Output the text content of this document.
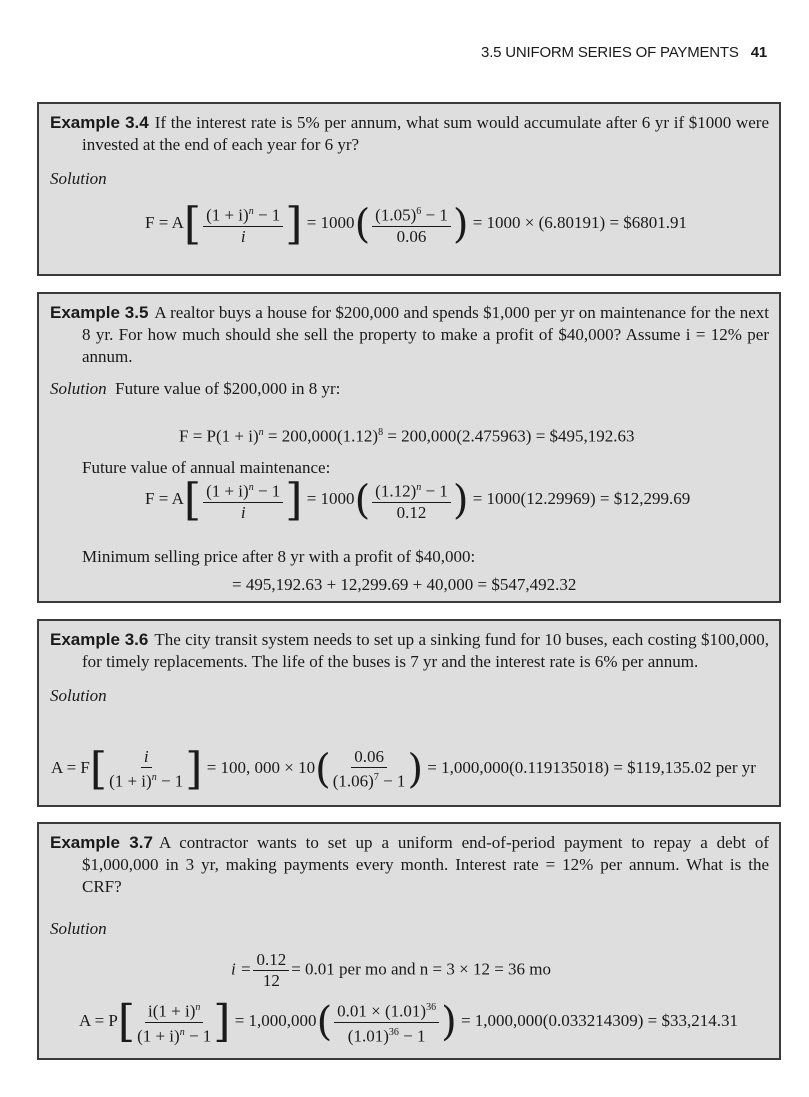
3.5 UNIFORM SERIES OF PAYMENTS 41
Example 3.4 If the interest rate is 5% per annum, what sum would accumulate after 6 yr if $1000 were invested at the end of each year for 6 yr?
Solution
$F = A[ \frac{(1 + i)^n - 1}{i}$ ] = $1000( \frac{(1.05)^6 - 1}{0.06}$ ) = 1000 × (6.80191) = $6801.91
Example 3.5 A realtor buys a house for $200,000 and spends $1,000 per yr on maintenance for the next 8 yr. For how much should she sell the property to make a profit of $40,000? Assume i = 12% per annum.
Solution Future value of $200,000 in 8 yr:
$F = P(1 + i)^n = 200,000(1.12)^8 = 200,000(2.475963)$ = $495,192.63
Future value of annual maintenance:
$F = A[ \frac{(1 + i)^n - 1}{i}$ ] = $1000( \frac{(1.12)^n - 1}{0.12}$ ) = 1000(12.29969) = $12,299.69
Minimum selling price after 8 yr with a profit of $40,000:
= 495,192.63 + 12,299.69 + 40,000 = $547,492.32
Example 3.6 The city transit system needs to set up a sinking fund for 10 buses, each costing $100,000, for timely replacements. The life of the buses is 7 yr and the interest rate is 6% per annum.
Solution
$A = F[ \frac{i}{(1 + i)^n - 1}$ ] = 100, $000 \times 10( \frac{0.06}{(1.06)^7 - 1}$ ) = 1,000,000(0.119135018) = $119,135.02 per yr
Example 3.7 A contractor wants to set up a uniform end-of-period payment to repay a debt of $1,000,000 in 3 yr, making payments every month. Interest rate = 12% per annum. What is the CRF?
Solution
$i = \frac{0.12}{12} = 0.01$ per mo and n = 3 × 12 = 36 mo
$A = P[ \frac{i(1 + i)^n}{(1 + i)^n - 1}$ ] = $1,000,000( \frac{0.01 \times (1.01)^{36}}{(1.01)^{36} - 1}$ ) = 1,000,000(0.033214309) = $33,214.31
